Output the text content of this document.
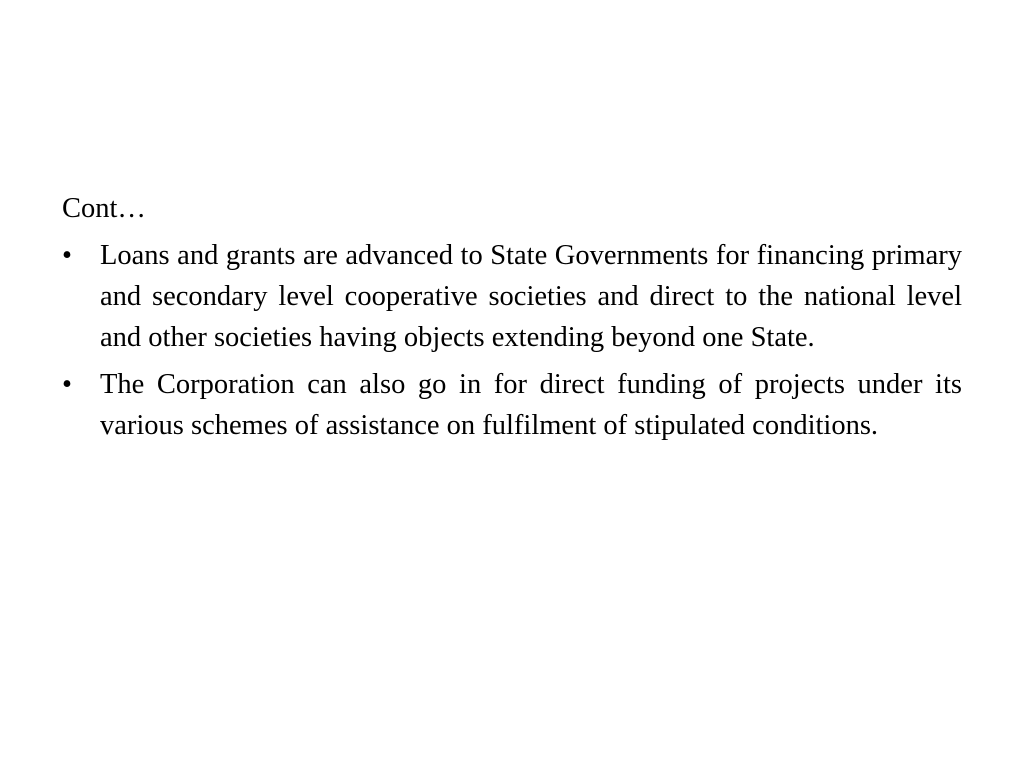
Cont…
• Loans and grants are advanced to State Governments for financing primary and secondary level cooperative societies and direct to the national level and other societies having objects extending beyond one State.
• The Corporation can also go in for direct funding of projects under its various schemes of assistance on fulfilment of stipulated conditions.
